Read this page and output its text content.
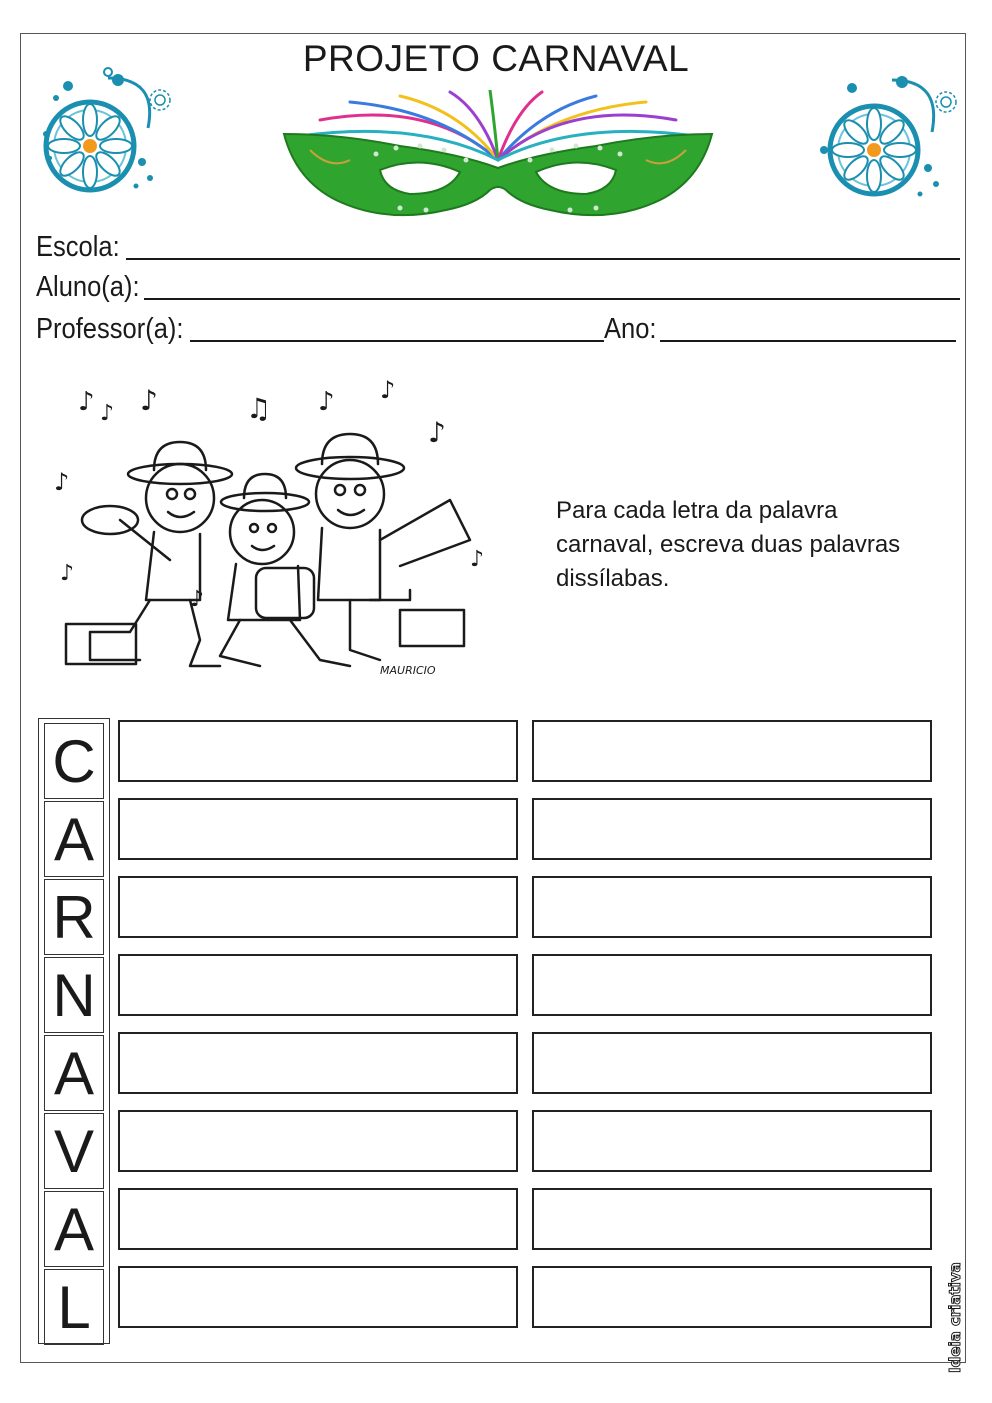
PROJETO CARNAVAL
Escola:
Aluno(a):
Professor(a):	Ano:
♪ ♪ ♪	♫ ♪ ♪
♪
♪
♪
♪
♪
MAURICIO

Para cada letra da palavra carnaval, escreva duas palavras dissílabas.

C
A
R
N
A
V
A
L	Ideia criativa
